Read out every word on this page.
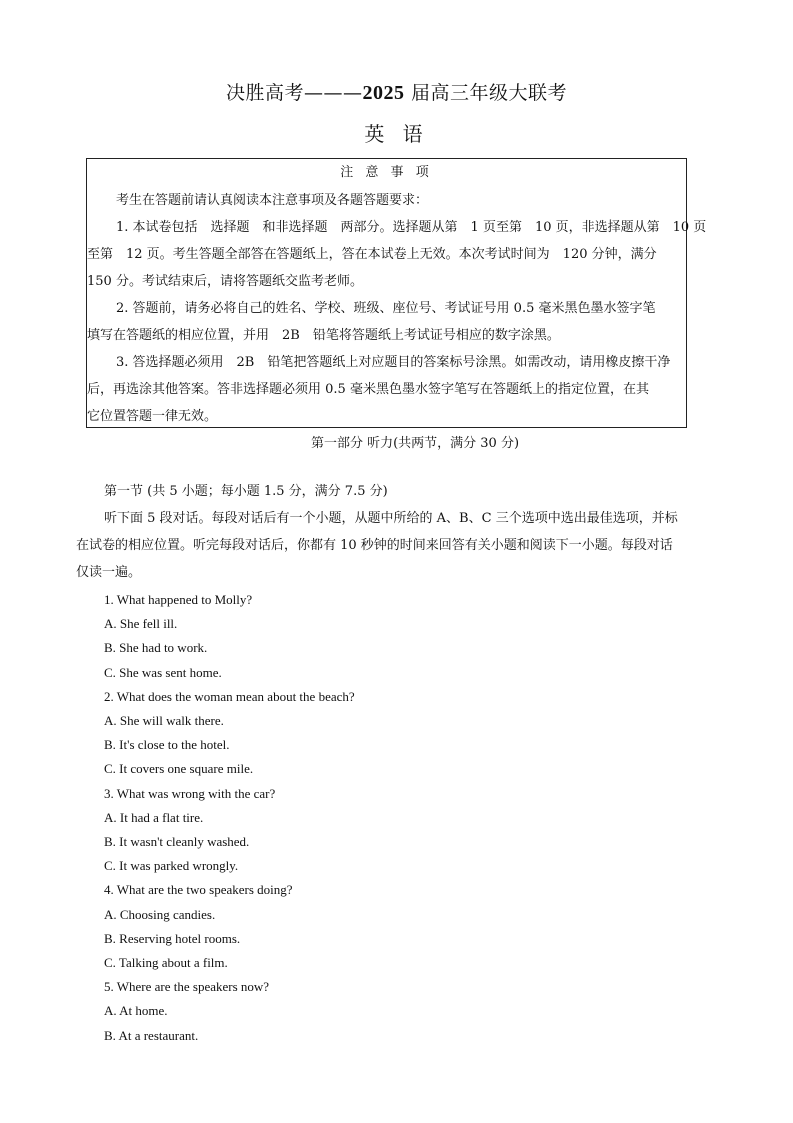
决胜高考———2025 届高三年级大联考
英 语
注 意 事 项

考生在答题前请认真阅读本注意事项及各题答题要求：

1. 本试卷包括　选择题　和非选择题　两部分。选择题从第　1 页至第　10 页，非选择题从第　10 页

至第　12 页。考生答题全部答在答题纸上，答在本试卷上无效。本次考试时间为　120 分钟，满分

150 分。考试结束后，请将答题纸交监考老师。

2. 答题前，请务必将自己的姓名、学校、班级、座位号、考试证号用 0.5 毫米黑色墨水签字笔

填写在答题纸的相应位置，并用　2B　铅笔将答题纸上考试证号相应的数字涂黑。

3. 答选择题必须用　2B　铅笔把答题纸上对应题目的答案标号涂黑。如需改动，请用橡皮擦干净

后，再选涂其他答案。答非选择题必须用 0.5 毫米黑色墨水签字笔写在答题纸上的指定位置，在其

它位置答题一律无效。

第一部分 听力(共两节，满分 30 分)

第一节 (共 5 小题；每小题 1.5 分，满分 7.5 分)

听下面 5 段对话。每段对话后有一个小题，从题中所给的 A、B、C 三个选项中选出最佳选项，并标

在试卷的相应位置。听完每段对话后，你都有 10 秒钟的时间来回答有关小题和阅读下一小题。每段对话

仅读一遍。

1. What happened to Molly?
A. She fell ill.
B. She had to work.
C. She was sent home.
2. What does the woman mean about the beach?
A. She will walk there.
B. It's close to the hotel.
C. It covers one square mile.
3. What was wrong with the car?
A. It had a flat tire.
B. It wasn't cleanly washed.
C. It was parked wrongly.
4. What are the two speakers doing?
A. Choosing candies.
B. Reserving hotel rooms.
C. Talking about a film.
5. Where are the speakers now?
A. At home.
B. At a restaurant.
